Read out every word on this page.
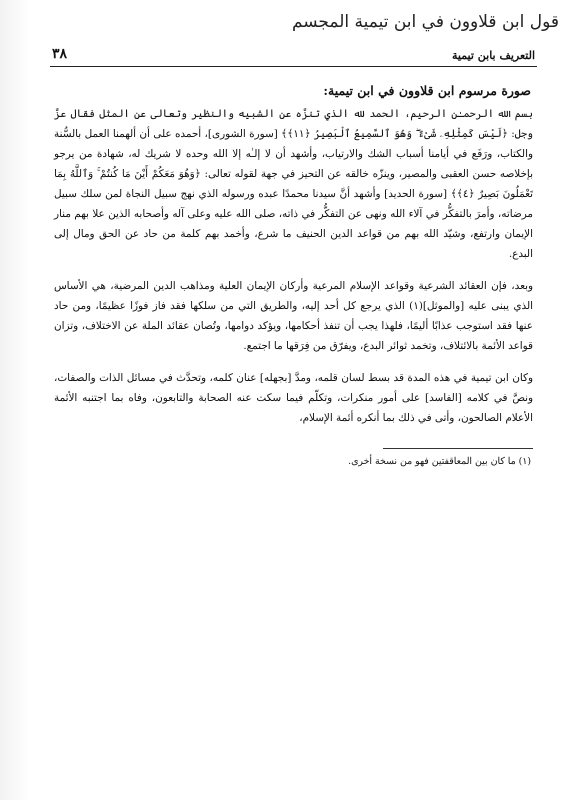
قول ابن قلاوون في ابن تيمية المجسم
التعريف بابن تيمية
٣٨
صورة مرسوم ابن قلاوون في ابن تيمية:

بسم الله الرحمـٰن الرحيم، الحمد لله الذي تنزَّه عن الشبيه والنظير وتعالى عن المثل فقال عزَّ وجل: ﴿لَيْسَ كَمِثْلِهِۦ شَىْءٌ ۖ وَهُوَ ٱلسَّمِيعُ ٱلْبَصِيرُ ﴿١١﴾﴾ [سورة الشورى]، أحمده على أن ألهمنا العمل بالسُّنة والكتاب، ورَفَع في أيامنا أسباب الشك والارتياب، وأشهد أن لا إلـٰه إلا الله وحده لا شريك له، شهادة من يرجو بإخلاصه حسن العقبى والمصير، وينزّه خالقه عن التحيز في جهة لقوله تعالى: ﴿وَهُوَ مَعَكُمْ أَيْنَ مَا كُنتُمْ ۚ وَٱللَّهُ بِمَا تَعْمَلُونَ بَصِيرٌ ﴿٤﴾﴾ [سورة الحديد] وأشهد أنَّ سيدنا محمدًا عبده ورسوله الذي نهج سبيل النجاة لمن سلك سبيل مرضاته، وأمرَ بالتفكُّر في آلاء الله ونهى عن التفكُّر في ذاته، صلى الله عليه وعلى آله وأصحابه الذين علا بهم منار الإيمان وارتفع، وشيّد الله بهم من قواعد الدين الحنيف ما شرع، وأخمد بهم كلمة من حاد عن الحق ومال إلى البدع.

وبعد، فإن العقائد الشرعية وقواعد الإسلام المرعية وأركان الإيمان العلية ومذاهب الدين المرضية، هي الأساس الذي يبنى عليه [والموثل](١) الذي يرجع كل أحد إليه، والطريق التي من سلكها فقد فاز فوزًا عظيمًا، ومن حاد عنها فقد استوجب عذابًا أليمًا، فلهذا يجب أن تنفذ أحكامها، ويؤكد دوامها، وتُصان عقائد الملة عن الاختلاف، وتزان قواعد الأئمة بالائتلاف، وتخمد ثوائر البدع، ويفرّق من فِرَقها ما اجتمع.

وكان ابن تيمية في هذه المدة قد بسط لسان قلمه، ومدَّ [بجهله] عنان كلمه، وتحدَّث في مسائل الذات والصفات، ونصَّ في كلامه [الفاسد] على أمور منكرات، وتكلّم فيما سكت عنه الصحابة والتابعون، وفاه بما اجتنبه الأئمة الأعلام الصالحون، وأتى في ذلك بما أنكره أئمة الإسلام،

(١) ما كان بين المعاقفتين فهو من نسخة أخرى.
